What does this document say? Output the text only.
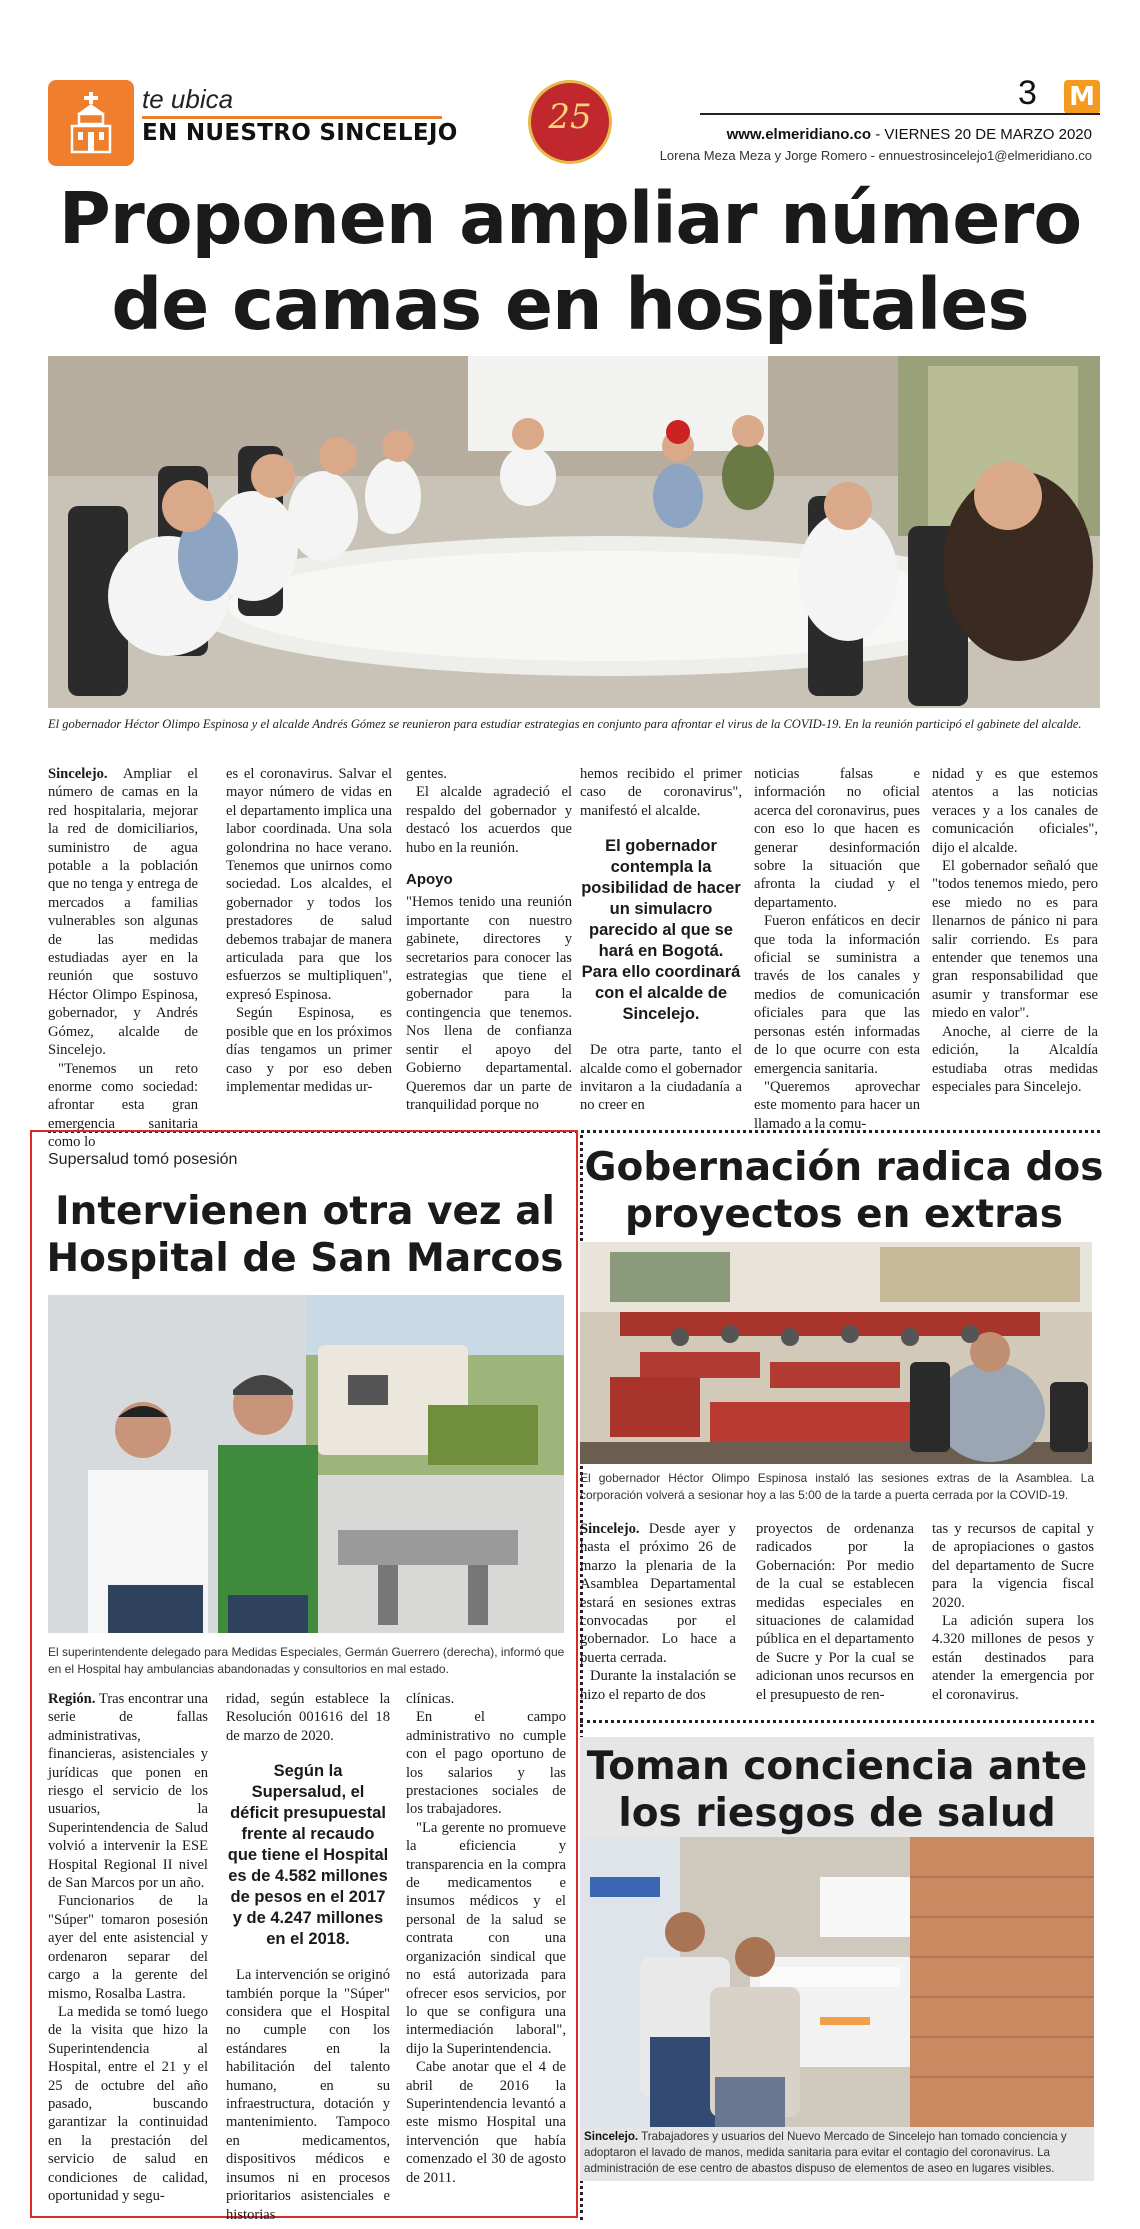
te ubica
EN NUESTRO SINCELEJO	25
3 M
www.elmeridiano.co - VIERNES 20 DE MARZO 2020
Lorena Meza Meza y Jorge Romero - ennuestrosincelejo1@elmeridiano.co
Proponen ampliar número
de camas en hospitales
El gobernador Héctor Olimpo Espinosa y el alcalde Andrés Gómez se reunieron para estudiar estrategias en conjunto para afrontar el virus de la COVID-19. En la reunión participó el gabinete del alcalde.

Sincelejo. Ampliar el número de camas en la red hospitalaria, mejorar la red de domiciliarios, suministro de agua potable a la población que no tenga y entrega de mercados a familias vulnerables son algunas de las medidas estudiadas ayer en la reunión que sostuvo Héctor Olimpo Espinosa, gobernador, y Andrés Gómez, alcalde de Sincelejo.

"Tenemos un reto enorme como sociedad: afrontar esta gran emergencia sanitaria como lo

es el coronavirus. Salvar el mayor número de vidas en el departamento implica una labor coordinada. Una sola golondrina no hace verano. Tenemos que unirnos como sociedad. Los alcaldes, el gobernador y todos los prestadores de salud debemos trabajar de manera articulada para que los esfuerzos se multipliquen", expresó Espinosa.

Según Espinosa, es posible que en los próximos días tengamos un primer caso y por eso deben implementar medidas ur-

gentes.

El alcalde agradeció el respaldo del gobernador y destacó los acuerdos que hubo en la reunión.

Apoyo

"Hemos tenido una reunión importante con nuestro gabinete, directores y secretarios para conocer las estrategias que tiene el gobernador para la contingencia que tenemos. Nos llena de confianza sentir el apoyo del Gobierno departamental. Queremos dar un parte de tranquilidad porque no

hemos recibido el primer caso de coronavirus", manifestó el alcalde.

El gobernador contempla la posibilidad de hacer un simulacro parecido al que se hará en Bogotá. Para ello coordinará con el alcalde de Sincelejo.

De otra parte, tanto el alcalde como el gobernador invitaron a la ciudadanía a no creer en

noticias falsas e información no oficial acerca del coronavirus, pues con eso lo que hacen es generar desinformación sobre la situación que afronta la ciudad y el departamento.

Fueron enfáticos en decir que toda la información oficial se suministra a través de los canales y medios de comunicación oficiales para que las personas estén informadas de lo que ocurre con esta emergencia sanitaria.

"Queremos aprovechar este momento para hacer un llamado a la comu-

nidad y es que estemos atentos a las noticias veraces y a los canales de comunicación oficiales", dijo el alcalde.

El gobernador señaló que "todos tenemos miedo, pero ese miedo no es para llenarnos de pánico ni para salir corriendo. Es para entender que tenemos una gran responsabilidad que asumir y transformar ese miedo en valor".

Anoche, al cierre de la edición, la Alcaldía estudiaba otras medidas especiales para Sincelejo.

Supersalud tomó posesión
Intervienen otra vez al
Hospital de San Marcos
El superintendente delegado para Medidas Especiales, Germán Guerrero (derecha), informó que en el Hospital hay ambulancias abandonadas y consultorios en mal estado.

Región. Tras encontrar una serie de fallas administrativas, financieras, asistenciales y jurídicas que ponen en riesgo el servicio de los usuarios, la Superintendencia de Salud volvió a intervenir la ESE Hospital Regional II nivel de San Marcos por un año.

Funcionarios de la "Súper" tomaron posesión ayer del ente asistencial y ordenaron separar del cargo a la gerente del mismo, Rosalba Lastra.

La medida se tomó luego de la visita que hizo la Superintendencia al Hospital, entre el 21 y el 25 de octubre del año pasado, buscando garantizar la continuidad en la prestación del servicio de salud en condiciones de calidad, oportunidad y segu-

ridad, según establece la Resolución 001616 del 18 de marzo de 2020.

Según la Supersalud, el déficit presupuestal frente al recaudo que tiene el Hospital es de 4.582 millones de pesos en el 2017 y de 4.247 millones en el 2018.

La intervención se originó también porque la "Súper" considera que el Hospital no cumple con los estándares en la habilitación del talento humano, en su infraestructura, dotación y mantenimiento. Tampoco en medicamentos, dispositivos médicos e insumos ni en procesos prioritarios asistenciales e historias

clínicas.

En el campo administrativo no cumple con el pago oportuno de los salarios y las prestaciones sociales de los trabajadores.

"La gerente no promueve la eficiencia y transparencia en la compra de medicamentos e insumos médicos y el personal de la salud se contrata con una organización sindical que no está autorizada para ofrecer esos servicios, por lo que se configura una intermediación laboral", dijo la Superintendencia.

Cabe anotar que el 4 de abril de 2016 la Superintendencia levantó a este mismo Hospital una intervención que había comenzado el 30 de agosto de 2011.

Gobernación radica dos
proyectos en extras
El gobernador Héctor Olimpo Espinosa instaló las sesiones extras de la Asamblea. La corporación volverá a sesionar hoy a las 5:00 de la tarde a puerta cerrada por la COVID-19.

Sincelejo. Desde ayer y hasta el próximo 26 de marzo la plenaria de la Asamblea Departamental estará en sesiones extras convocadas por el gobernador. Lo hace a puerta cerrada.

Durante la instalación se hizo el reparto de dos

proyectos de ordenanza radicados por la Gobernación: Por medio de la cual se establecen medidas especiales en situaciones de calamidad pública en el departamento de Sucre y Por la cual se adicionan unos recursos en el presupuesto de ren-

tas y recursos de capital y de apropiaciones o gastos del departamento de Sucre para la vigencia fiscal 2020.

La adición supera los 4.320 millones de pesos y están destinados para atender la emergencia por el coronavirus.

Toman conciencia ante
los riesgos de salud
Sincelejo. Trabajadores y usuarios del Nuevo Mercado de Sincelejo han tomado conciencia y adoptaron el lavado de manos, medida sanitaria para evitar el contagio del coronavirus. La administración de ese centro de abastos dispuso de elementos de aseo en lugares visibles.
